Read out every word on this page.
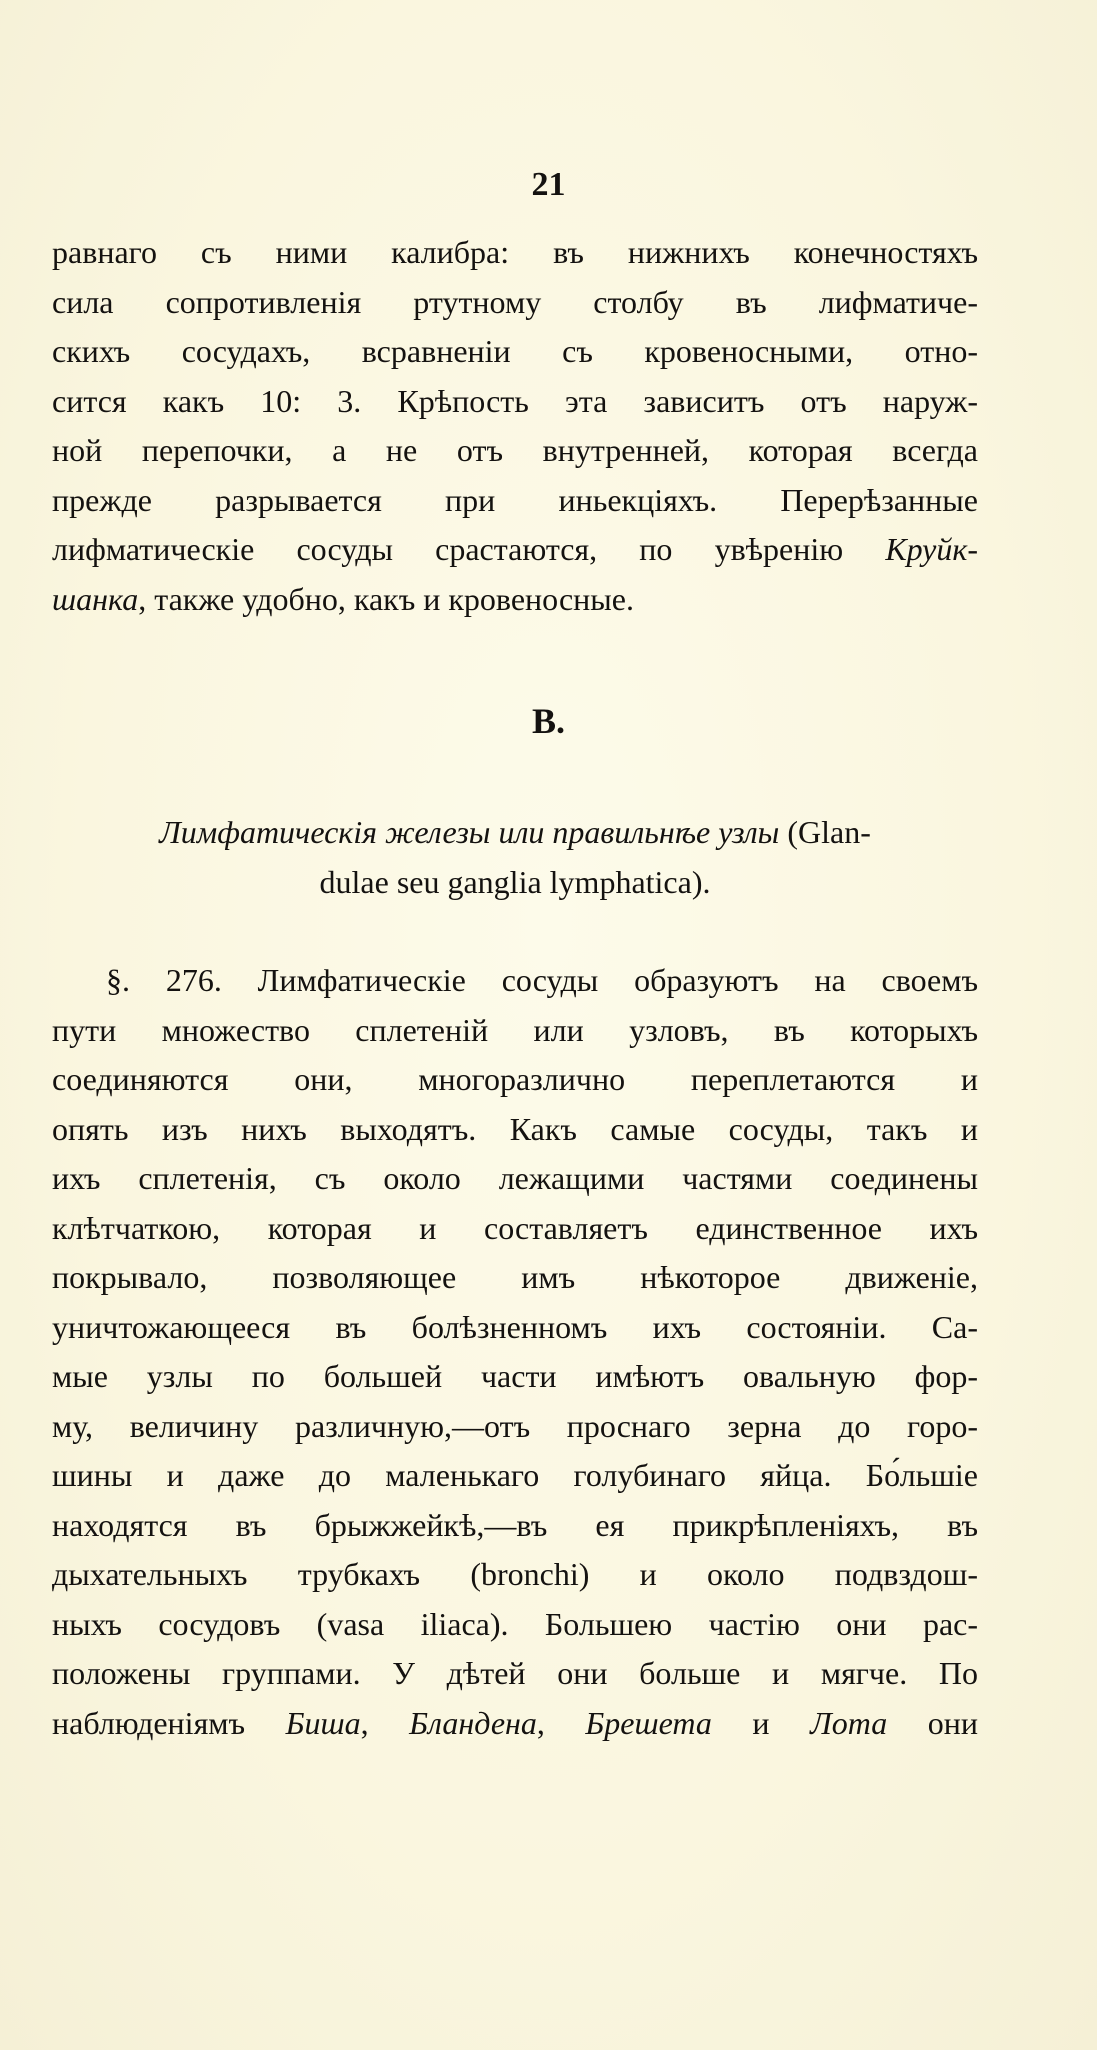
21
равнаго съ ними калибра: въ нижнихъ конечностяхъ
сила сопротивленія ртутному столбу въ лифматиче-
скихъ сосудахъ, всравненіи съ кровеносными, отно-
сится какъ 10: 3. Крѣпость эта зависитъ отъ наруж-
ной перепочки, а не отъ внутренней, которая всегда
прежде разрывается при иньекціяхъ. Перерѣзанные
лифматическіе сосуды срастаются, по увѣренію Круйк-
шанка, также удобно, какъ и кровеносные.
B.
Лимфатическія железы или правильнѣе узлы (Glan-
dulae seu gangliа lymphatica).
§. 276. Лимфатическіе сосуды образуютъ на своемъ
пути множество сплетеній или узловъ, въ которыхъ
соединяются они, многоразлично переплетаются и
опять изъ нихъ выходятъ. Какъ самые сосуды, такъ и
ихъ сплетенія, съ около лежащими частями соединены
клѣтчаткою, которая и составляетъ единственное ихъ
покрывало, позволяющее имъ нѣкоторое движеніе,
уничтожающееся въ болѣзненномъ ихъ состояніи. Са-
мые узлы по большей части имѣютъ овальную фор-
му, величину различную,—отъ проснаго зерна до горо-
шины и даже до маленькаго голубинаго яйца. Бо́льшіе
находятся въ брыжжейкѣ,—въ ея прикрѣпленіяхъ, въ
дыхательныхъ трубкахъ (bronchi) и около подвздош-
ныхъ сосудовъ (vasa iliaca). Большею частію они рас-
положены группами. У дѣтей они больше и мягче. По
наблюденіямъ Биша, Бландена, Брешета и Лота они
